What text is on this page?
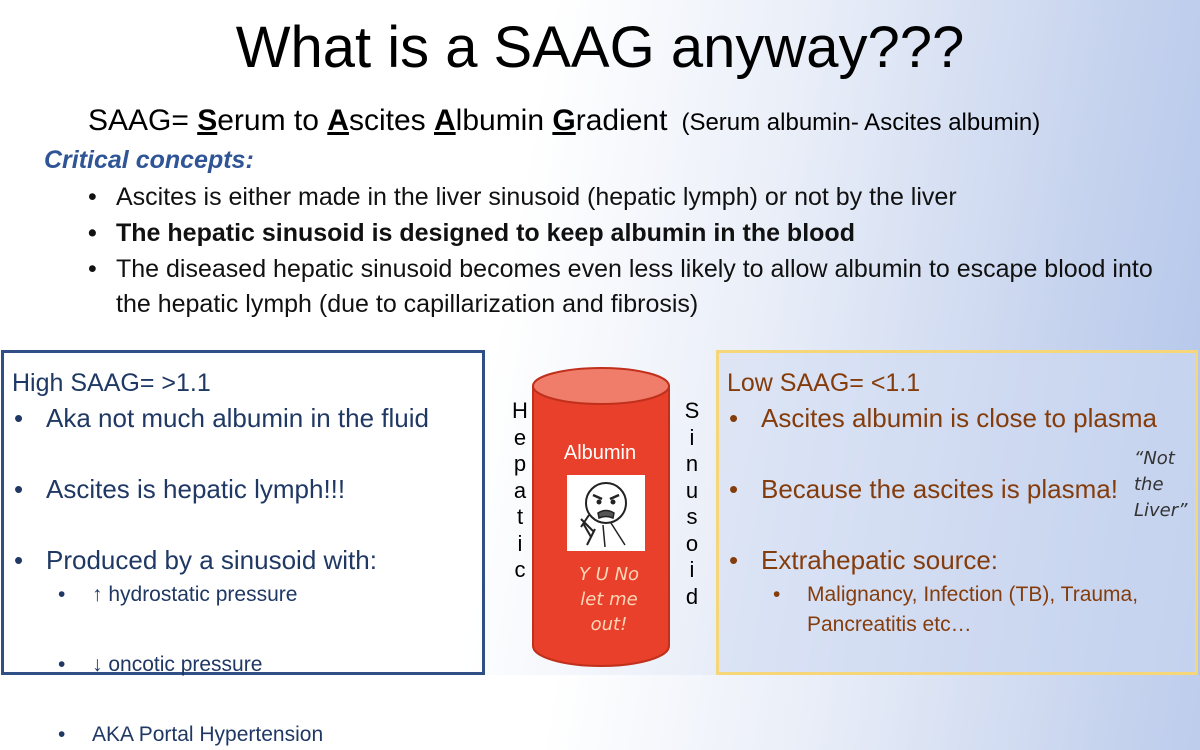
What is a SAAG anyway???
SAAG= Serum to Ascites Albumin Gradient (Serum albumin- Ascites albumin)
Critical concepts:
• Ascites is either made in the liver sinusoid (hepatic lymph) or not by the liver
• The hepatic sinusoid is designed to keep albumin in the blood
• The diseased hepatic sinusoid becomes even less likely to allow albumin to escape blood into the hepatic lymph (due to capillarization and fibrosis)
High SAAG= >1.1
• Aka not much albumin in the fluid
• Ascites is hepatic lymph!!!
• Produced by a sinusoid with:
• ↑ hydrostatic pressure
• ↓ oncotic pressure
• AKA Portal Hypertension
Low SAAG= <1.1
• Ascites albumin is close to plasma
• Because the ascites is plasma!
• Extrahepatic source:
• Malignancy, Infection (TB), Trauma, Pancreatitis etc…
“Not
the
Liver”
H
e
p
a
t
i
c
S
i
n
u
s
o
i
d
Albumin
Y U No
let me
out!
